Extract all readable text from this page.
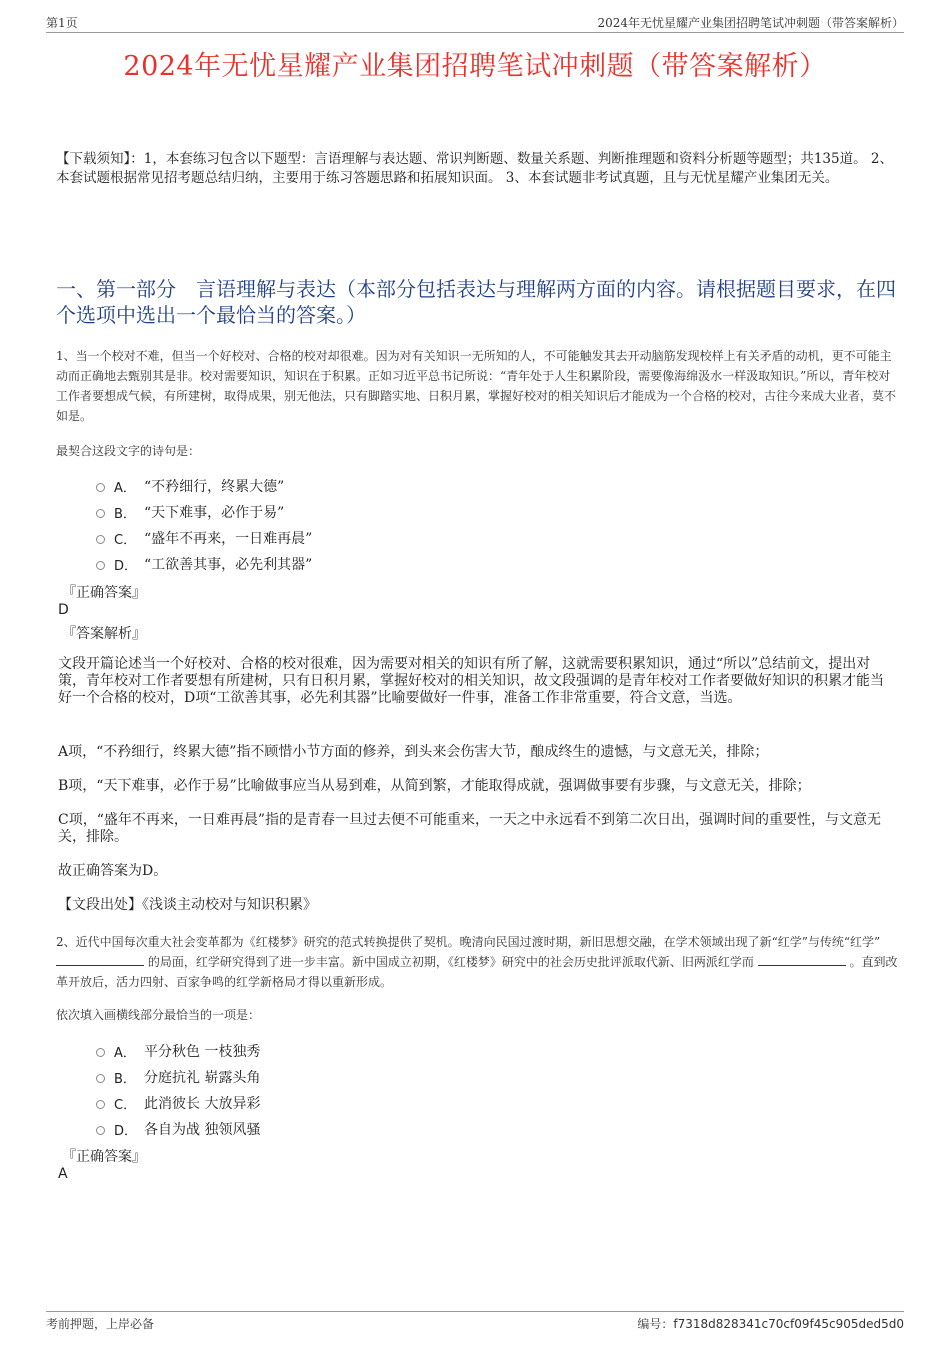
第1页	2024年无忧星耀产业集团招聘笔试冲刺题（带答案解析）
2024年无忧星耀产业集团招聘笔试冲刺题（带答案解析）
【下载须知】：1，本套练习包含以下题型：言语理解与表达题、常识判断题、数量关系题、判断推理题和资料分析题等题型；共135道。 2、本套试题根据常见招考题总结归纳，主要用于练习答题思路和拓展知识面。 3、本套试题非考试真题，且与无忧星耀产业集团无关。
一、第一部分　言语理解与表达（本部分包括表达与理解两方面的内容。请根据题目要求，在四个选项中选出一个最恰当的答案。）
1、当一个校对不难，但当一个好校对、合格的校对却很难。因为对有关知识一无所知的人，不可能触发其去开动脑筋发现校样上有关矛盾的动机，更不可能主动而正确地去甄别其是非。校对需要知识，知识在于积累。正如习近平总书记所说：“青年处于人生积累阶段，需要像海绵汲水一样汲取知识。”所以，青年校对工作者要想成气候，有所建树，取得成果，别无他法，只有脚踏实地、日积月累，掌握好校对的相关知识后才能成为一个合格的校对，古往今来成大业者，莫不如是。
最契合这段文字的诗句是：
A． “不矜细行，终累大德”
B． “天下难事，必作于易”
C． “盛年不再来，一日难再晨”
D． “工欲善其事，必先利其器”
『正确答案』
D
『答案解析』
文段开篇论述当一个好校对、合格的校对很难，因为需要对相关的知识有所了解，这就需要积累知识，通过“所以”总结前文，提出对策，青年校对工作者要想有所建树，只有日积月累，掌握好校对的相关知识，故文段强调的是青年校对工作者要做好知识的积累才能当好一个合格的校对，D项“工欲善其事，必先利其器”比喻要做好一件事，准备工作非常重要，符合文意，当选。
A项，“不矜细行，终累大德”指不顾惜小节方面的修养，到头来会伤害大节，酿成终生的遗憾，与文意无关，排除；
B项，“天下难事，必作于易”比喻做事应当从易到难，从简到繁，才能取得成就，强调做事要有步骤，与文意无关，排除；
C项，“盛年不再来，一日难再晨”指的是青春一旦过去便不可能重来，一天之中永远看不到第二次日出，强调时间的重要性，与文意无关，排除。
故正确答案为D。
【文段出处】《浅谈主动校对与知识积累》
2、近代中国每次重大社会变革都为《红楼梦》研究的范式转换提供了契机。晚清向民国过渡时期，新旧思想交融，在学术领域出现了新“红学”与传统“红学”  的局面，红学研究得到了进一步丰富。新中国成立初期，《红楼梦》研究中的社会历史批评派取代新、旧两派红学而	。直到改革开放后，活力四射、百家争鸣的红学新格局才得以重新形成。
依次填入画横线部分最恰当的一项是：
A． 平分秋色 一枝独秀
B． 分庭抗礼 崭露头角
C． 此消彼长 大放异彩
D． 各自为战 独领风骚
『正确答案』
A
考前押题，上岸必备	编号：f7318d828341c70cf09f45c905ded5d0
